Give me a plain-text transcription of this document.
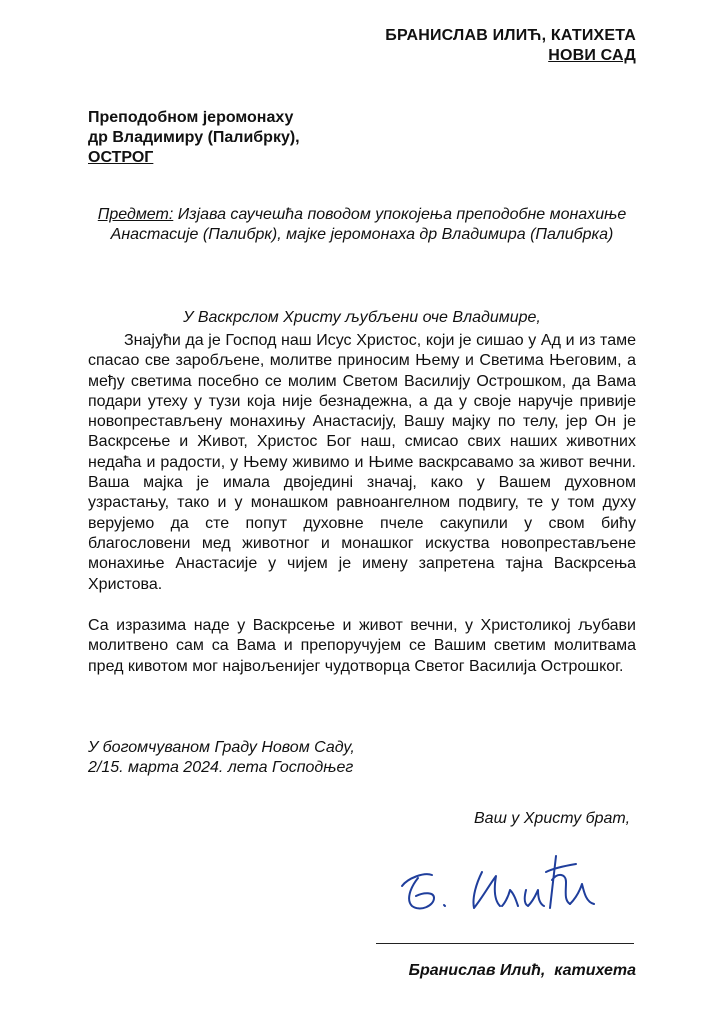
БРАНИСЛАВ ИЛИЋ, КАТИХЕТА
НОВИ САД
Преподобном јеромонаху
др Владимиру (Палибрку),
ОСТРОГ
Предмет: Изјава саучешћа поводом упокојења преподобне монахиње Анастасије (Палибрк), мајке јеромонаха др Владимира (Палибрка)
У Васкрслом Христу љубљени оче Владимире,

Знајући да је Господ наш Исус Христос, који је сишао у Ад и из таме спасао све заробљене, молитве приносим Њему и Светима Његовим, а међу светима посебно се молим Светом Василију Острошком, да Вама подари утеху у тузи која није безнадежна, а да у своје наручје привије новопрестављену монахињу Анастасију, Вашу мајку по телу, јер Он је Васкрсење и Живот, Христос Бог наш, смисао свих наших животних недаћа и радости, у Њему живимо и Њиме васкрсавамо за живот вечни. Ваша мајка је имала двојединi значај, како у Вашем духовном узрастању, тако и у монашком равноангелном подвигу, те у том духу верујемо да сте попут духовне пчеле сакупили у свом бићу благословени мед животног и монашког искуства новопрестављене монахиње Анастасије у чијем је имену запретена тајна Васкрсења Христова.

Са изразима наде у Васкрсење и живот вечни, у Христоликој љубави молитвено сам са Вама и препоручујем се Вашим светим молитвама пред кивотом мог највољенијег чудотворца Светог Василија Острошког.

У богомчуваном Граду Новом Саду,
2/15. марта 2024. лета Господњег
Ваш у Христу брат,
Бранислав Илић,  катихета
